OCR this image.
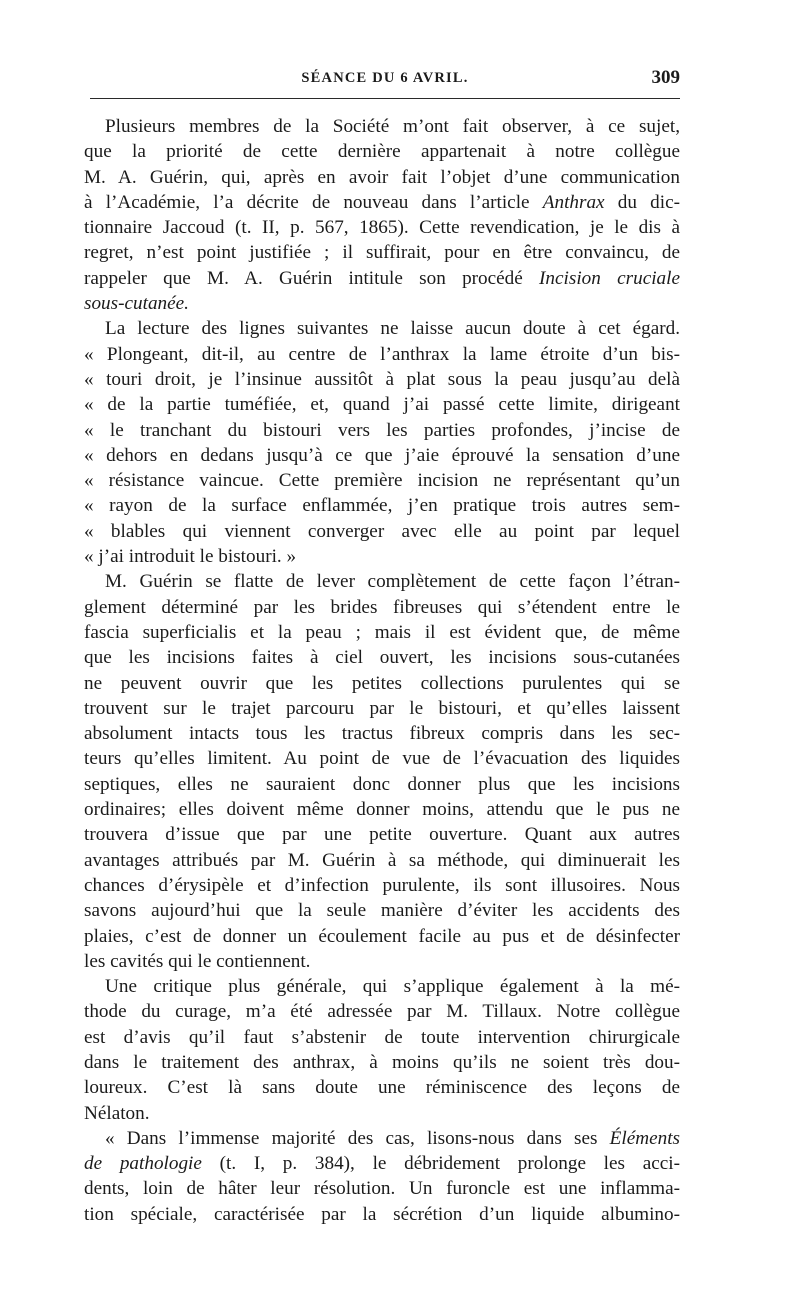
SÉANCE DU 6 AVRIL.	309
Plusieurs membres de la Société m’ont fait observer, à ce sujet,
que la priorité de cette dernière appartenait à notre collègue
M. A. Guérin, qui, après en avoir fait l’objet d’une communication
à l’Académie, l’a décrite de nouveau dans l’article Anthrax du dic-
tionnaire Jaccoud (t. II, p. 567, 1865). Cette revendication, je le dis à
regret, n’est point justifiée ; il suffirait, pour en être convaincu, de
rappeler que M. A. Guérin intitule son procédé Incision cruciale
sous-cutanée.
La lecture des lignes suivantes ne laisse aucun doute à cet égard.
« Plongeant, dit-il, au centre de l’anthrax la lame étroite d’un bis-
« touri droit, je l’insinue aussitôt à plat sous la peau jusqu’au delà
« de la partie tuméfiée, et, quand j’ai passé cette limite, dirigeant
« le tranchant du bistouri vers les parties profondes, j’incise de
« dehors en dedans jusqu’à ce que j’aie éprouvé la sensation d’une
« résistance vaincue. Cette première incision ne représentant qu’un
« rayon de la surface enflammée, j’en pratique trois autres sem-
« blables qui viennent converger avec elle au point par lequel
« j’ai introduit le bistouri. »
M. Guérin se flatte de lever complètement de cette façon l’étran-
glement déterminé par les brides fibreuses qui s’étendent entre le
fascia superficialis et la peau ; mais il est évident que, de même
que les incisions faites à ciel ouvert, les incisions sous-cutanées
ne peuvent ouvrir que les petites collections purulentes qui se
trouvent sur le trajet parcouru par le bistouri, et qu’elles laissent
absolument intacts tous les tractus fibreux compris dans les sec-
teurs qu’elles limitent. Au point de vue de l’évacuation des liquides
septiques, elles ne sauraient donc donner plus que les incisions
ordinaires; elles doivent même donner moins, attendu que le pus ne
trouvera d’issue que par une petite ouverture. Quant aux autres
avantages attribués par M. Guérin à sa méthode, qui diminuerait les
chances d’érysipèle et d’infection purulente, ils sont illusoires. Nous
savons aujourd’hui que la seule manière d’éviter les accidents des
plaies, c’est de donner un écoulement facile au pus et de désinfecter
les cavités qui le contiennent.
Une critique plus générale, qui s’applique également à la mé-
thode du curage, m’a été adressée par M. Tillaux. Notre collègue
est d’avis qu’il faut s’abstenir de toute intervention chirurgicale
dans le traitement des anthrax, à moins qu’ils ne soient très dou-
loureux. C’est là sans doute une réminiscence des leçons de
Nélaton.
« Dans l’immense majorité des cas, lisons-nous dans ses Éléments
de pathologie (t. I, p. 384), le débridement prolonge les acci-
dents, loin de hâter leur résolution. Un furoncle est une inflamma-
tion spéciale, caractérisée par la sécrétion d’un liquide albumino-
